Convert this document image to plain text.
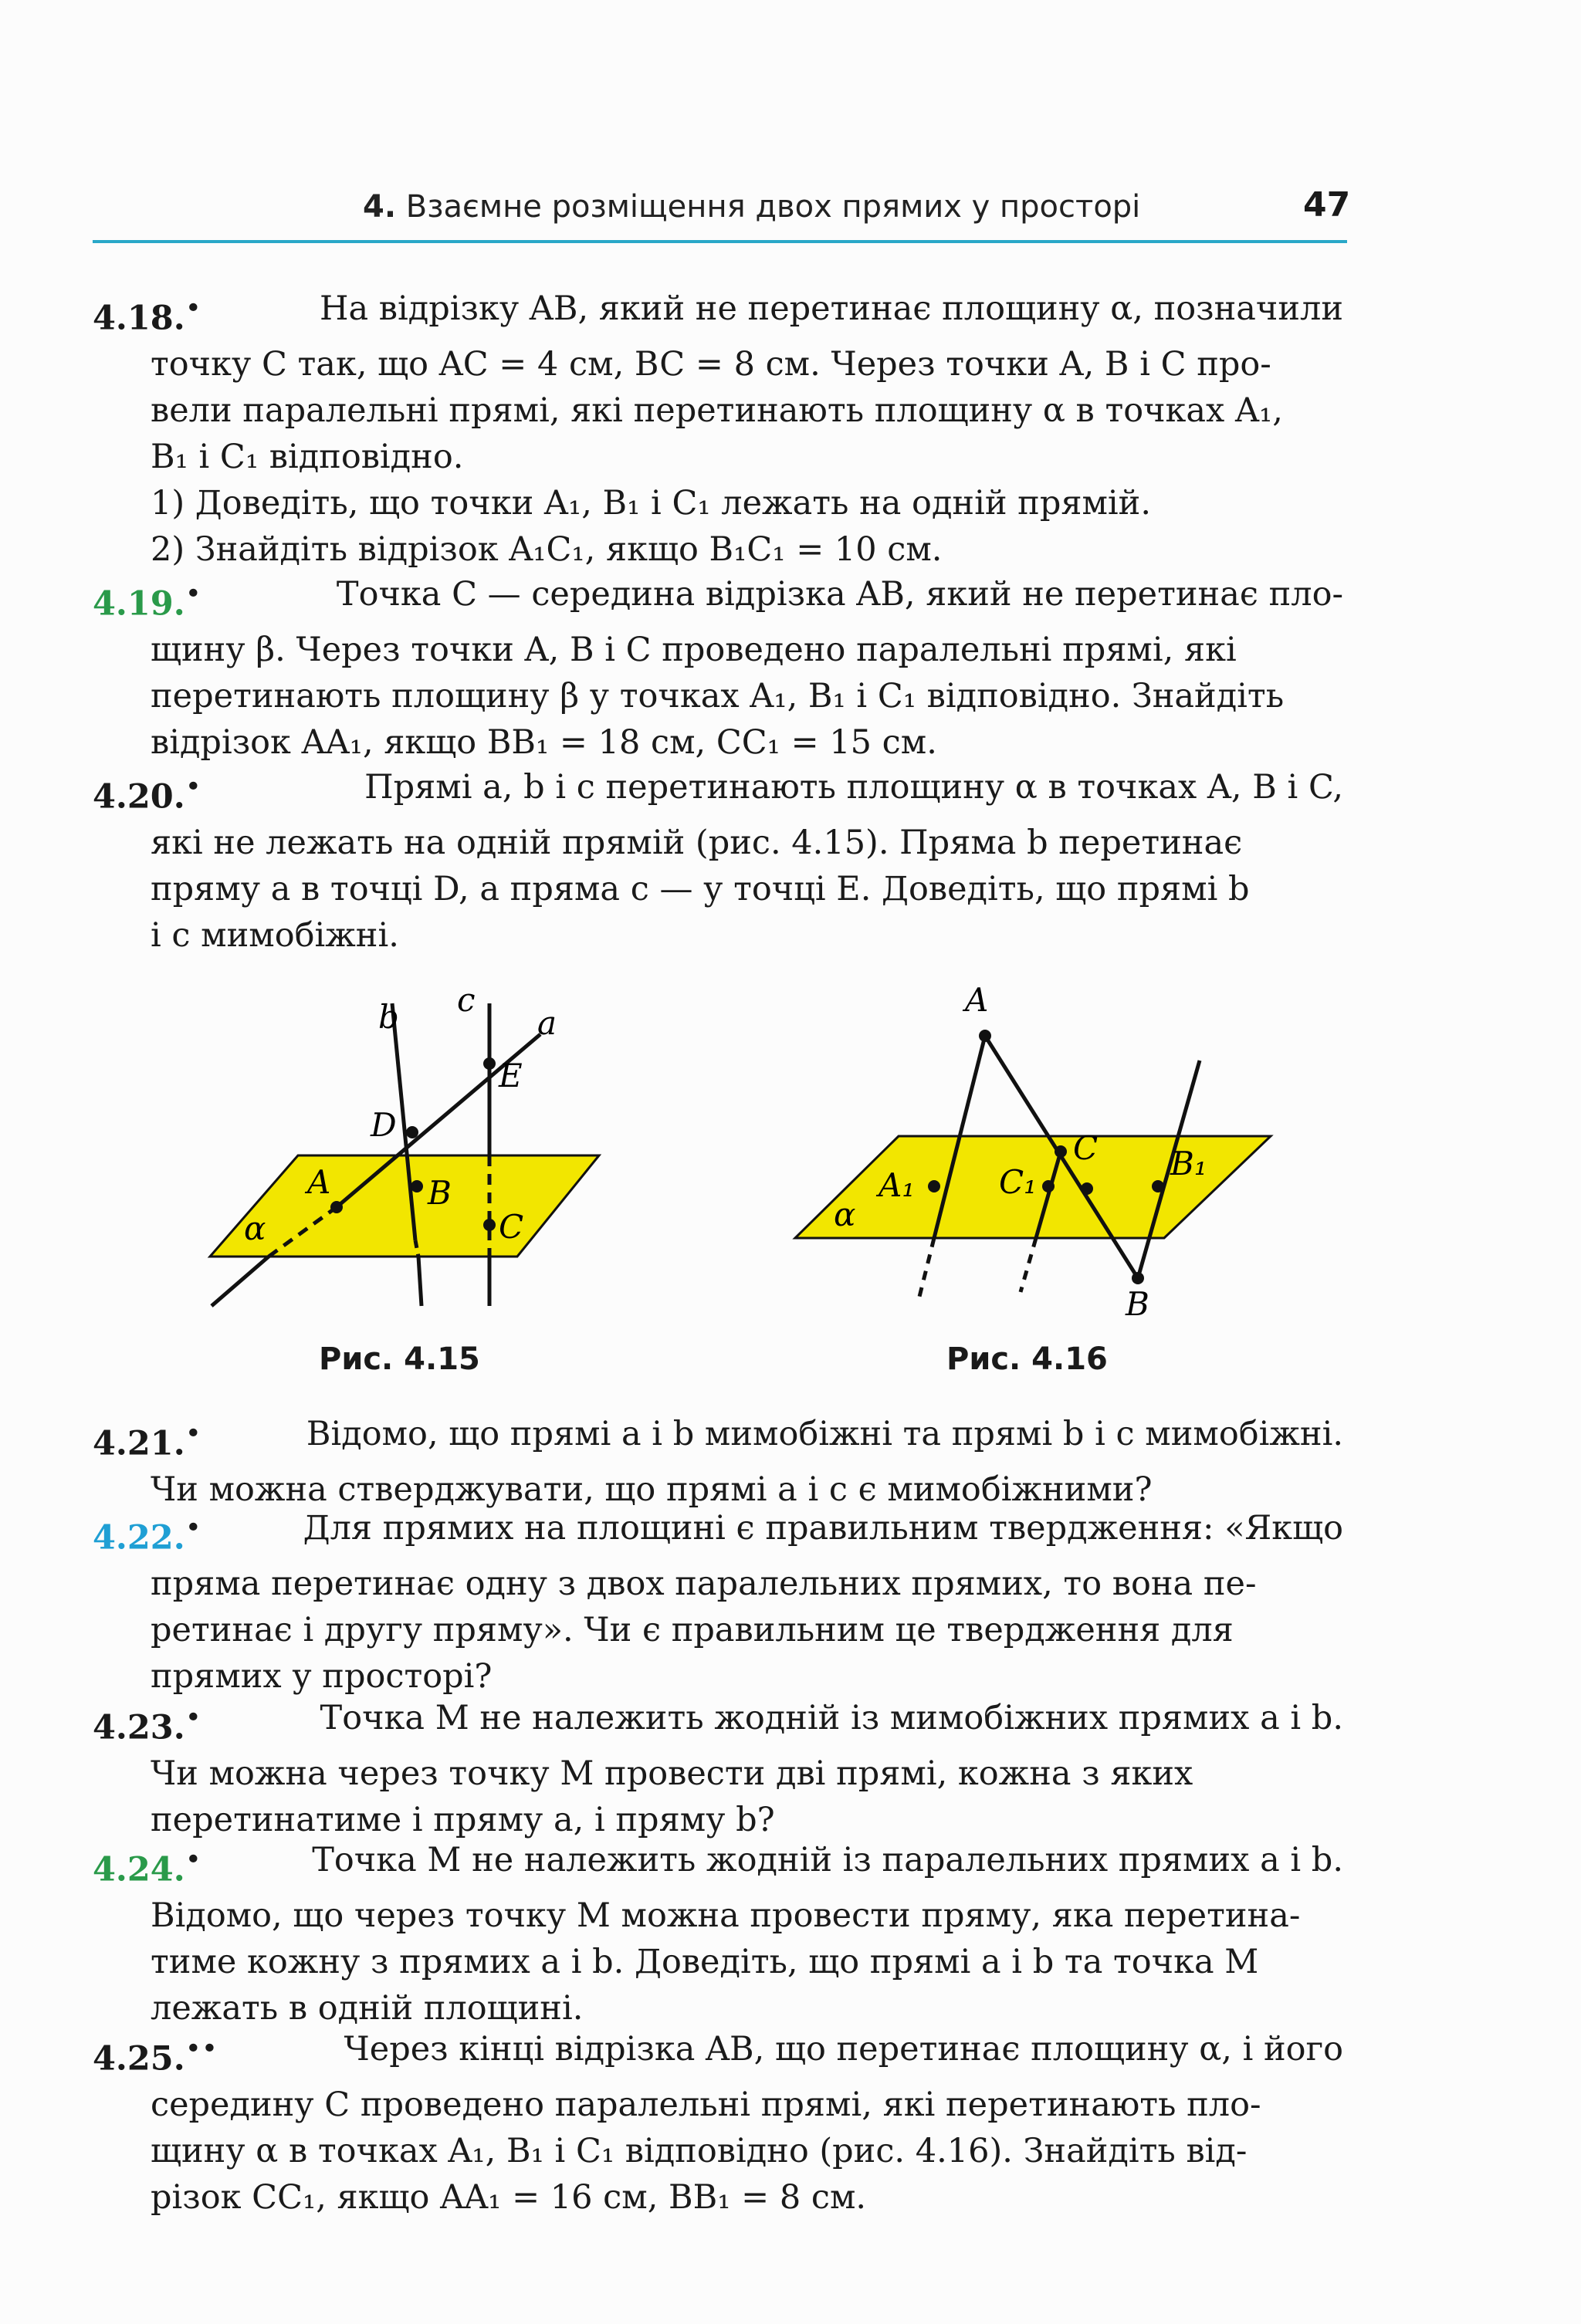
4. Взаємне розміщення двох прямих у просторі	47
4.18.•	На відрізку AB, який не перетинає площину α, позначили
точку C так, що AC = 4 см, BC = 8 см. Через точки A, B і C про-
вели паралельні прямі, які перетинають площину α в точках A₁,
B₁ і C₁ відповідно.
1) Доведіть, що точки A₁, B₁ і C₁ лежать на одній прямій.
2) Знайдіть відрізок A₁C₁, якщо B₁C₁ = 10 см.
4.19.•	Точка C — середина відрізка AB, який не перетинає пло-
щину β. Через точки A, B і C проведено паралельні прямі, які
перетинають площину β у точках A₁, B₁ і C₁ відповідно. Знайдіть
відрізок AA₁, якщо BB₁ = 18 см, CC₁ = 15 см.
4.20.•	Прямі a, b і c перетинають площину α в точках A, B і C,
які не лежать на одній прямій (рис. 4.15). Пряма b перетинає
пряму a в точці D, а пряма c — у точці E. Доведіть, що прямі b
і c мимобіжні.
b c
a
E
D
A	B
C
α
Рис. 4.15
A
C
A₁	C₁	B₁
B
α
Рис. 4.16
4.21.•	Відомо, що прямі a і b мимобіжні та прямі b і c мимобіжні.
Чи можна стверджувати, що прямі a і c є мимобіжними?
4.22.•	Для прямих на площині є правильним твердження: «Якщо
пряма перетинає одну з двох паралельних прямих, то вона пе-
ретинає і другу пряму». Чи є правильним це твердження для
прямих у просторі?
4.23.•	Точка M не належить жодній із мимобіжних прямих a і b.
Чи можна через точку M провести дві прямі, кожна з яких
перетинатиме і пряму a, і пряму b?
4.24.•	Точка M не належить жодній із паралельних прямих a і b.
Відомо, що через точку M можна провести пряму, яка перетина-
тиме кожну з прямих a і b. Доведіть, що прямі a і b та точка M
лежать в одній площині.
4.25.••	Через кінці відрізка AB, що перетинає площину α, і його
середину C проведено паралельні прямі, які перетинають пло-
щину α в точках A₁, B₁ і C₁ відповідно (рис. 4.16). Знайдіть від-
різок CC₁, якщо AA₁ = 16 см, BB₁ = 8 см.
